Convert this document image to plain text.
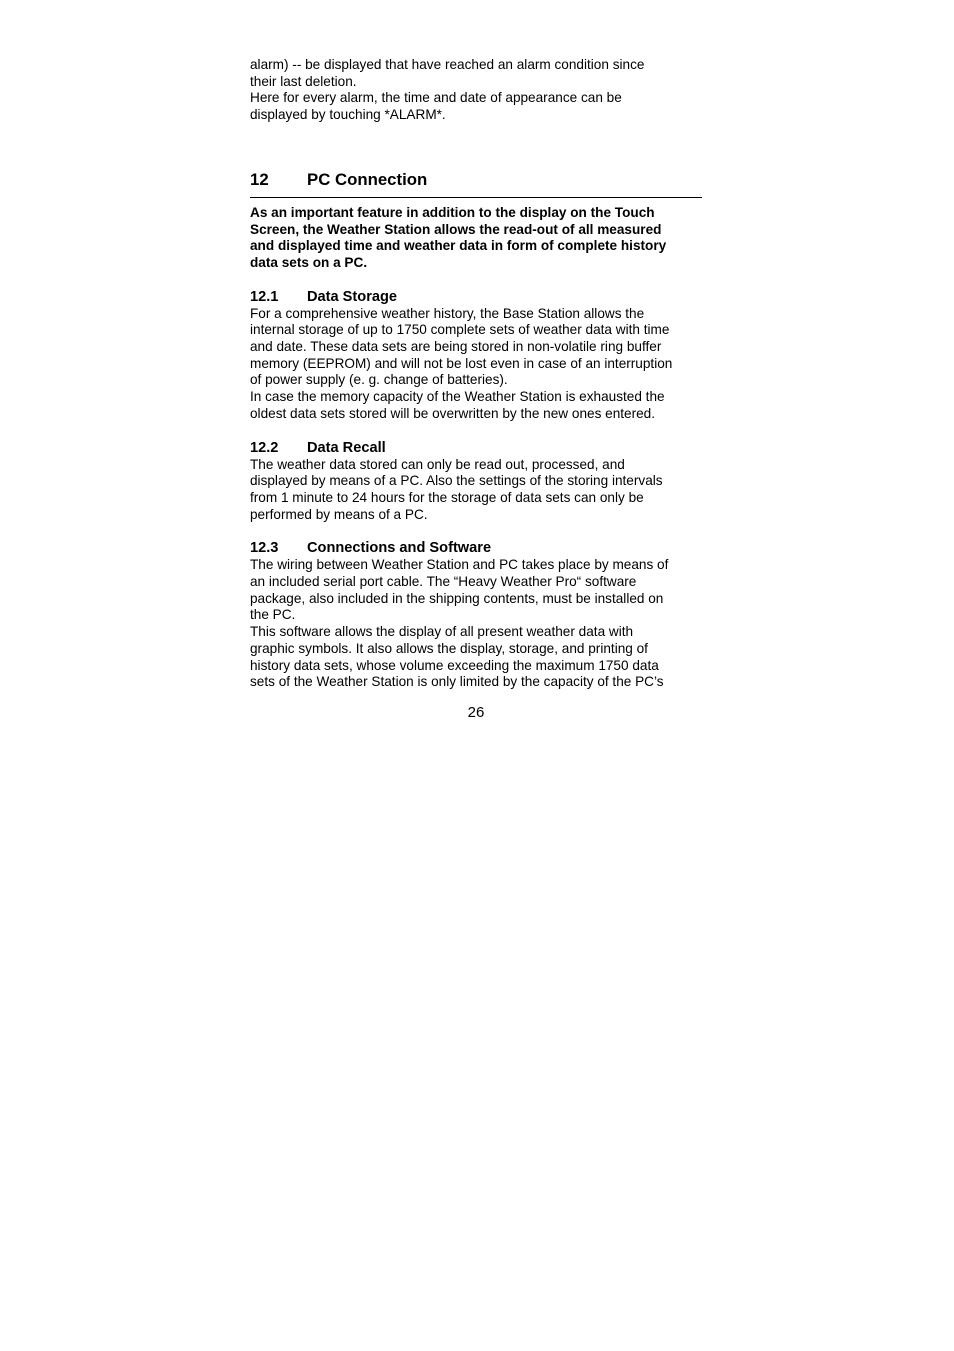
alarm) -- be displayed that have reached an alarm condition since
their last deletion.
Here for every alarm, the time and date of appearance can be
displayed by touching *ALARM*.
12	PC Connection
As an important feature in addition to the display on the Touch
Screen, the Weather Station allows the read-out of all measured
and displayed time and weather data in form of complete history
data sets on a PC.
12.1	Data Storage
For a comprehensive weather history, the Base Station allows the
internal storage of up to 1750 complete sets of weather data with time
and date. These data sets are being stored in non-volatile ring buffer
memory (EEPROM) and will not be lost even in case of an interruption
of power supply (e. g. change of batteries).
In case the memory capacity of the Weather Station is exhausted the
oldest data sets stored will be overwritten by the new ones entered.
12.2	Data Recall
The weather data stored can only be read out, processed, and
displayed by means of a PC. Also the settings of the storing intervals
from 1 minute to 24 hours for the storage of data sets can only be
performed by means of a PC.
12.3	Connections and Software
The wiring between Weather Station and PC takes place by means of
an included serial port cable. The “Heavy Weather Pro“ software
package, also included in the shipping contents, must be installed on
the PC.
This software allows the display of all present weather data with
graphic symbols. It also allows the display, storage, and printing of
history data sets, whose volume exceeding the maximum 1750 data
sets of the Weather Station is only limited by the capacity of the PC’s
26
